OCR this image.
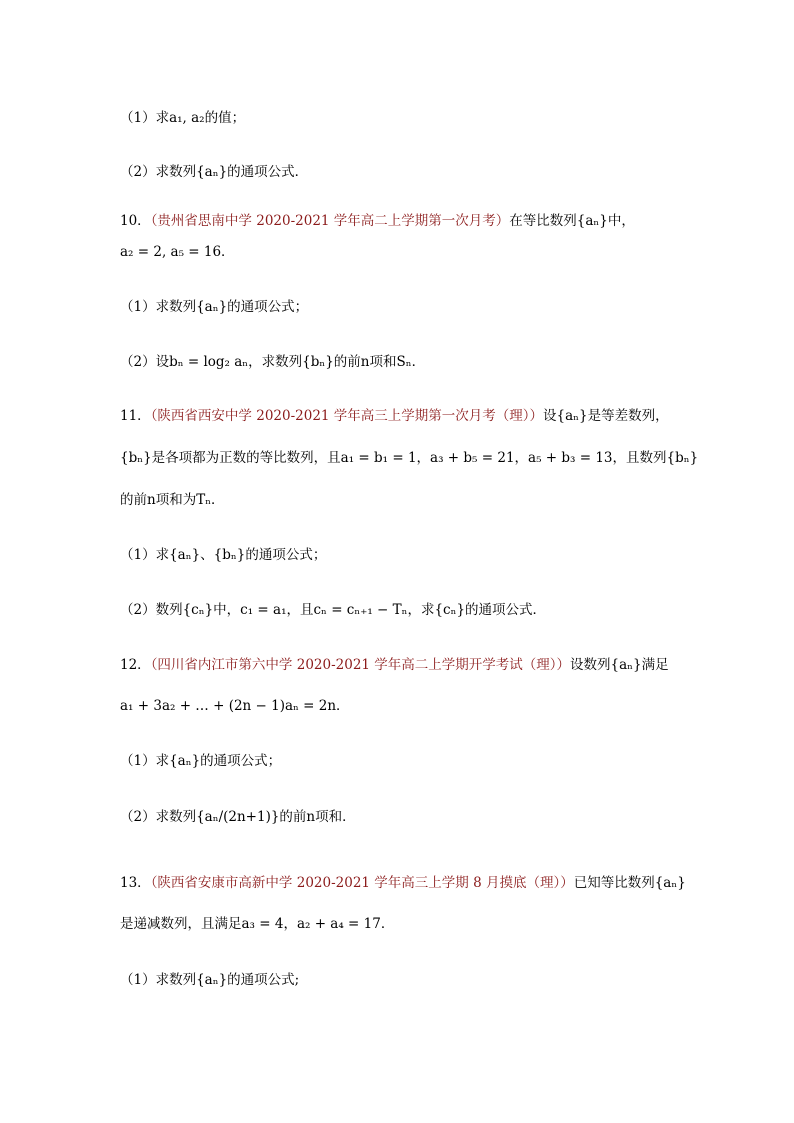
（1）求a₁, a₂的值；
（2）求数列{aₙ}的通项公式．
10．（贵州省思南中学 2020-2021 学年高二上学期第一次月考）在等比数列{aₙ}中，
a₂ = 2, a₅ = 16．
（1）求数列{aₙ}的通项公式；
（2）设bₙ = log₂ aₙ，求数列{bₙ}的前n项和Sₙ．
11．（陕西省西安中学 2020-2021 学年高三上学期第一次月考（理））设{aₙ}是等差数列，
{bₙ}是各项都为正数的等比数列，且a₁ = b₁ = 1，a₃ + b₅ = 21，a₅ + b₃ = 13，且数列{bₙ}
的前n项和为Tₙ．
（1）求{aₙ}、{bₙ}的通项公式；
（2）数列{cₙ}中，c₁ = a₁，且cₙ = cₙ₊₁ − Tₙ，求{cₙ}的通项公式．
12．（四川省内江市第六中学 2020-2021 学年高二上学期开学考试（理））设数列{aₙ}满足
a₁ + 3a₂ + … + (2n − 1)aₙ = 2n．
（1）求{aₙ}的通项公式；
（2）求数列{aₙ/(2n+1)}的前n项和．
13．（陕西省安康市高新中学 2020-2021 学年高三上学期 8 月摸底（理））已知等比数列{aₙ}
是递减数列，且满足a₃ = 4，a₂ + a₄ = 17．
（1）求数列{aₙ}的通项公式;
